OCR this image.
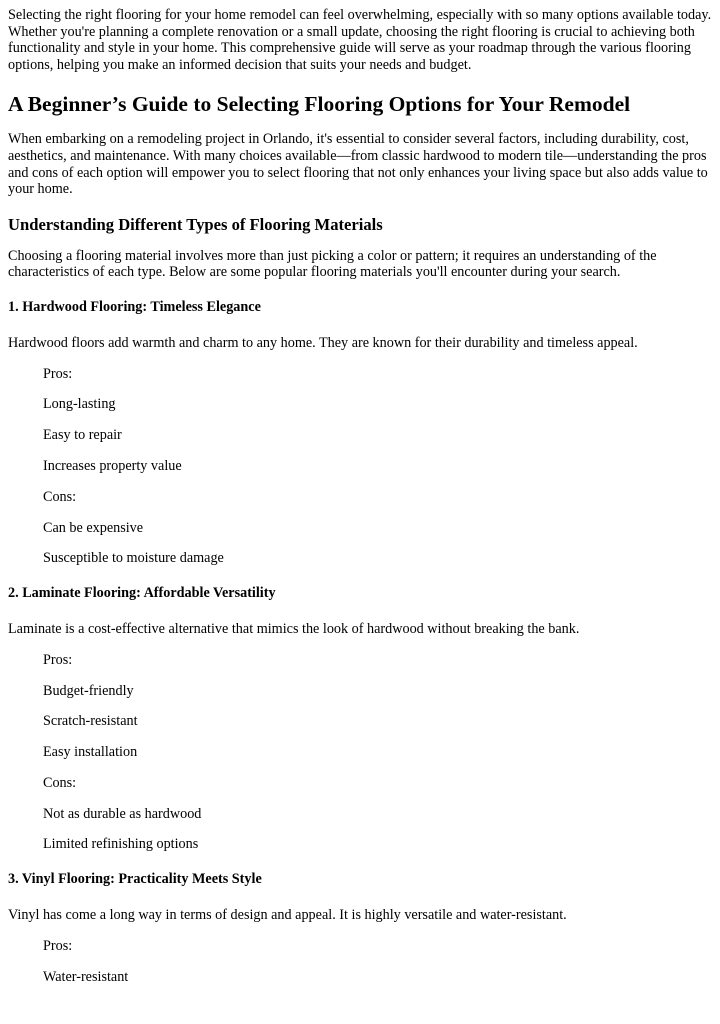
Selecting the right flooring for your home remodel can feel overwhelming, especially with so many options available today. Whether you're planning a complete renovation or a small update, choosing the right flooring is crucial to achieving both functionality and style in your home. This comprehensive guide will serve as your roadmap through the various flooring options, helping you make an informed decision that suits your needs and budget.

A Beginner’s Guide to Selecting Flooring Options for Your Remodel

When embarking on a remodeling project in Orlando, it's essential to consider several factors, including durability, cost, aesthetics, and maintenance. With many choices available—from classic hardwood to modern tile—understanding the pros and cons of each option will empower you to select flooring that not only enhances your living space but also adds value to your home.

Understanding Different Types of Flooring Materials

Choosing a flooring material involves more than just picking a color or pattern; it requires an understanding of the characteristics of each type. Below are some popular flooring materials you'll encounter during your search.

1. Hardwood Flooring: Timeless Elegance

Hardwood floors add warmth and charm to any home. They are known for their durability and timeless appeal.

Pros:
Long-lasting
Easy to repair
Increases property value
Cons:
Can be expensive
Susceptible to moisture damage
2. Laminate Flooring: Affordable Versatility

Laminate is a cost-effective alternative that mimics the look of hardwood without breaking the bank.

Pros:
Budget-friendly
Scratch-resistant
Easy installation
Cons:
Not as durable as hardwood
Limited refinishing options
3. Vinyl Flooring: Practicality Meets Style

Vinyl has come a long way in terms of design and appeal. It is highly versatile and water-resistant.

Pros:
Water-resistant
